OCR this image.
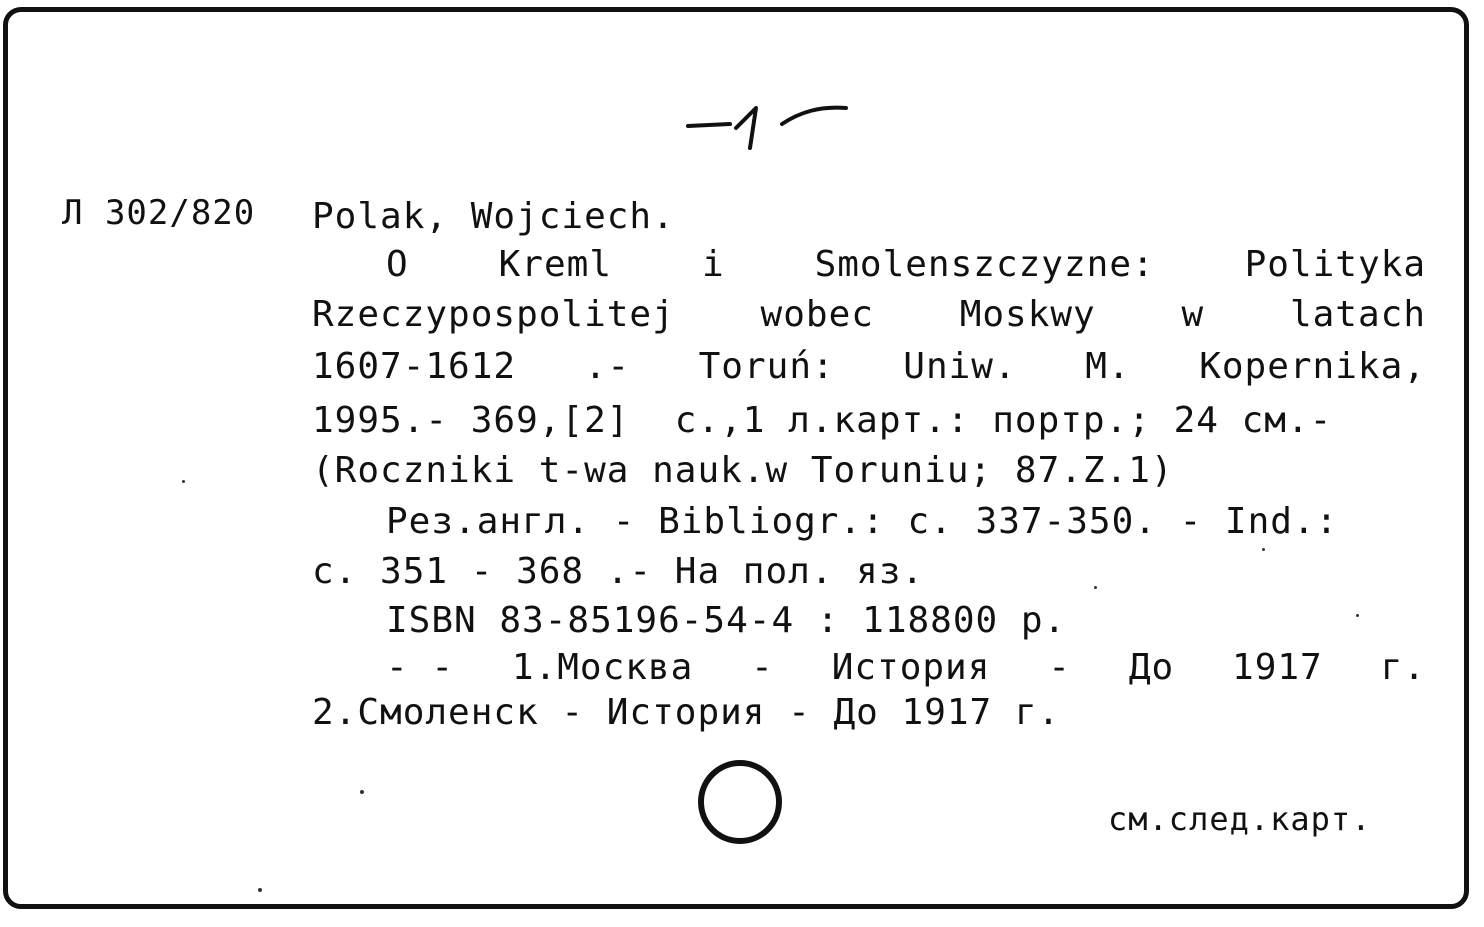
Л 302/820 Polak, Wojciech.
O Kreml i Smolenszczyzne: Polityka
Rzeczypospolitej wobec Moskwy w latach
1607-1612 .- Toruń: Uniw. M. Kopernika,
1995.- 369,[2]  с.,1 л.карт.: портр.; 24 см.-
(Roczniki t-wa nauk.w Toruniu; 87.Z.1)
Рез.англ. - Bibliogr.: с. 337-350. - Ind.:
с. 351 - 368 .- На пол. яз.
ISBN 83-85196-54-4 : 118800 р.
- - 1.Москва - История - До 1917 г.
2.Смоленск - История - До 1917 г.
см.след.карт.
